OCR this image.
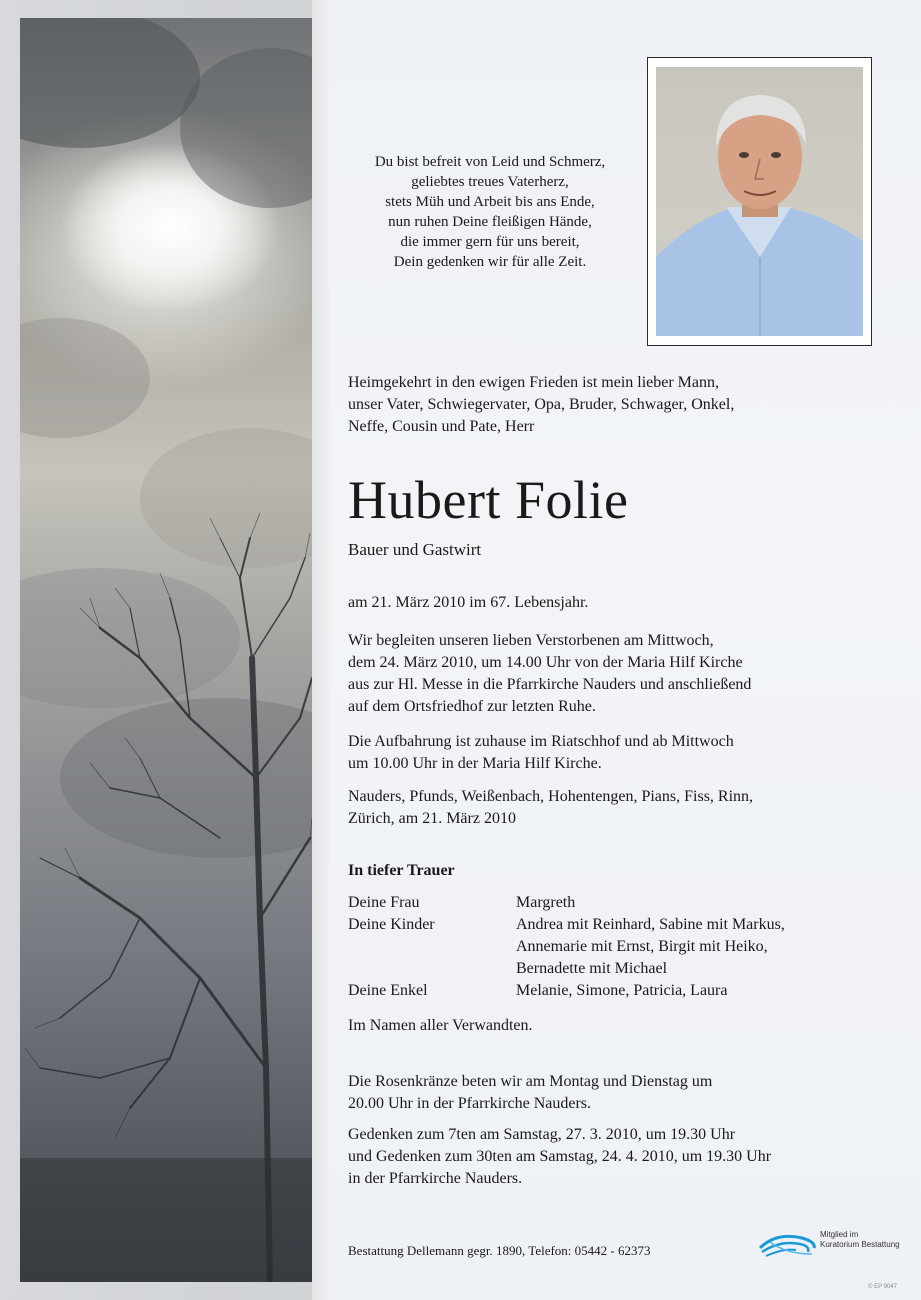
Du bist befreit von Leid und Schmerz,
geliebtes treues Vaterherz,
stets Müh und Arbeit bis ans Ende,
nun ruhen Deine fleißigen Hände,
die immer gern für uns bereit,
Dein gedenken wir für alle Zeit.
Heimgekehrt in den ewigen Frieden ist mein lieber Mann,
unser Vater, Schwiegervater, Opa, Bruder, Schwager, Onkel,
Neffe, Cousin und Pate, Herr
Hubert Folie
Bauer und Gastwirt
am 21. März 2010 im 67. Lebensjahr.
Wir begleiten unseren lieben Verstorbenen am Mittwoch,
dem 24. März 2010, um 14.00 Uhr von der Maria Hilf Kirche
aus zur Hl. Messe in die Pfarrkirche Nauders und anschließend
auf dem Ortsfriedhof zur letzten Ruhe.
Die Aufbahrung ist zuhause im Riatschhof und ab Mittwoch
um 10.00 Uhr in der Maria Hilf Kirche.
Nauders, Pfunds, Weißenbach, Hohentengen, Pians, Fiss, Rinn,
Zürich, am 21. März 2010
In tiefer Trauer
Deine Frau	Margreth
Deine Kinder	Andrea mit Reinhard, Sabine mit Markus,
Annemarie mit Ernst, Birgit mit Heiko,
Bernadette mit Michael
Deine Enkel	Melanie, Simone, Patricia, Laura
Im Namen aller Verwandten.
Die Rosenkränze beten wir am Montag und Dienstag um
20.00 Uhr in der Pfarrkirche Nauders.
Gedenken zum 7ten am Samstag, 27. 3. 2010, um 19.30 Uhr
und Gedenken zum 30ten am Samstag, 24. 4. 2010, um 19.30 Uhr
in der Pfarrkirche Nauders.
Bestattung Dellemann gegr. 1890, Telefon: 05442 - 62373
Mitglied im
Kuratorium Bestattung
© EP 9047
